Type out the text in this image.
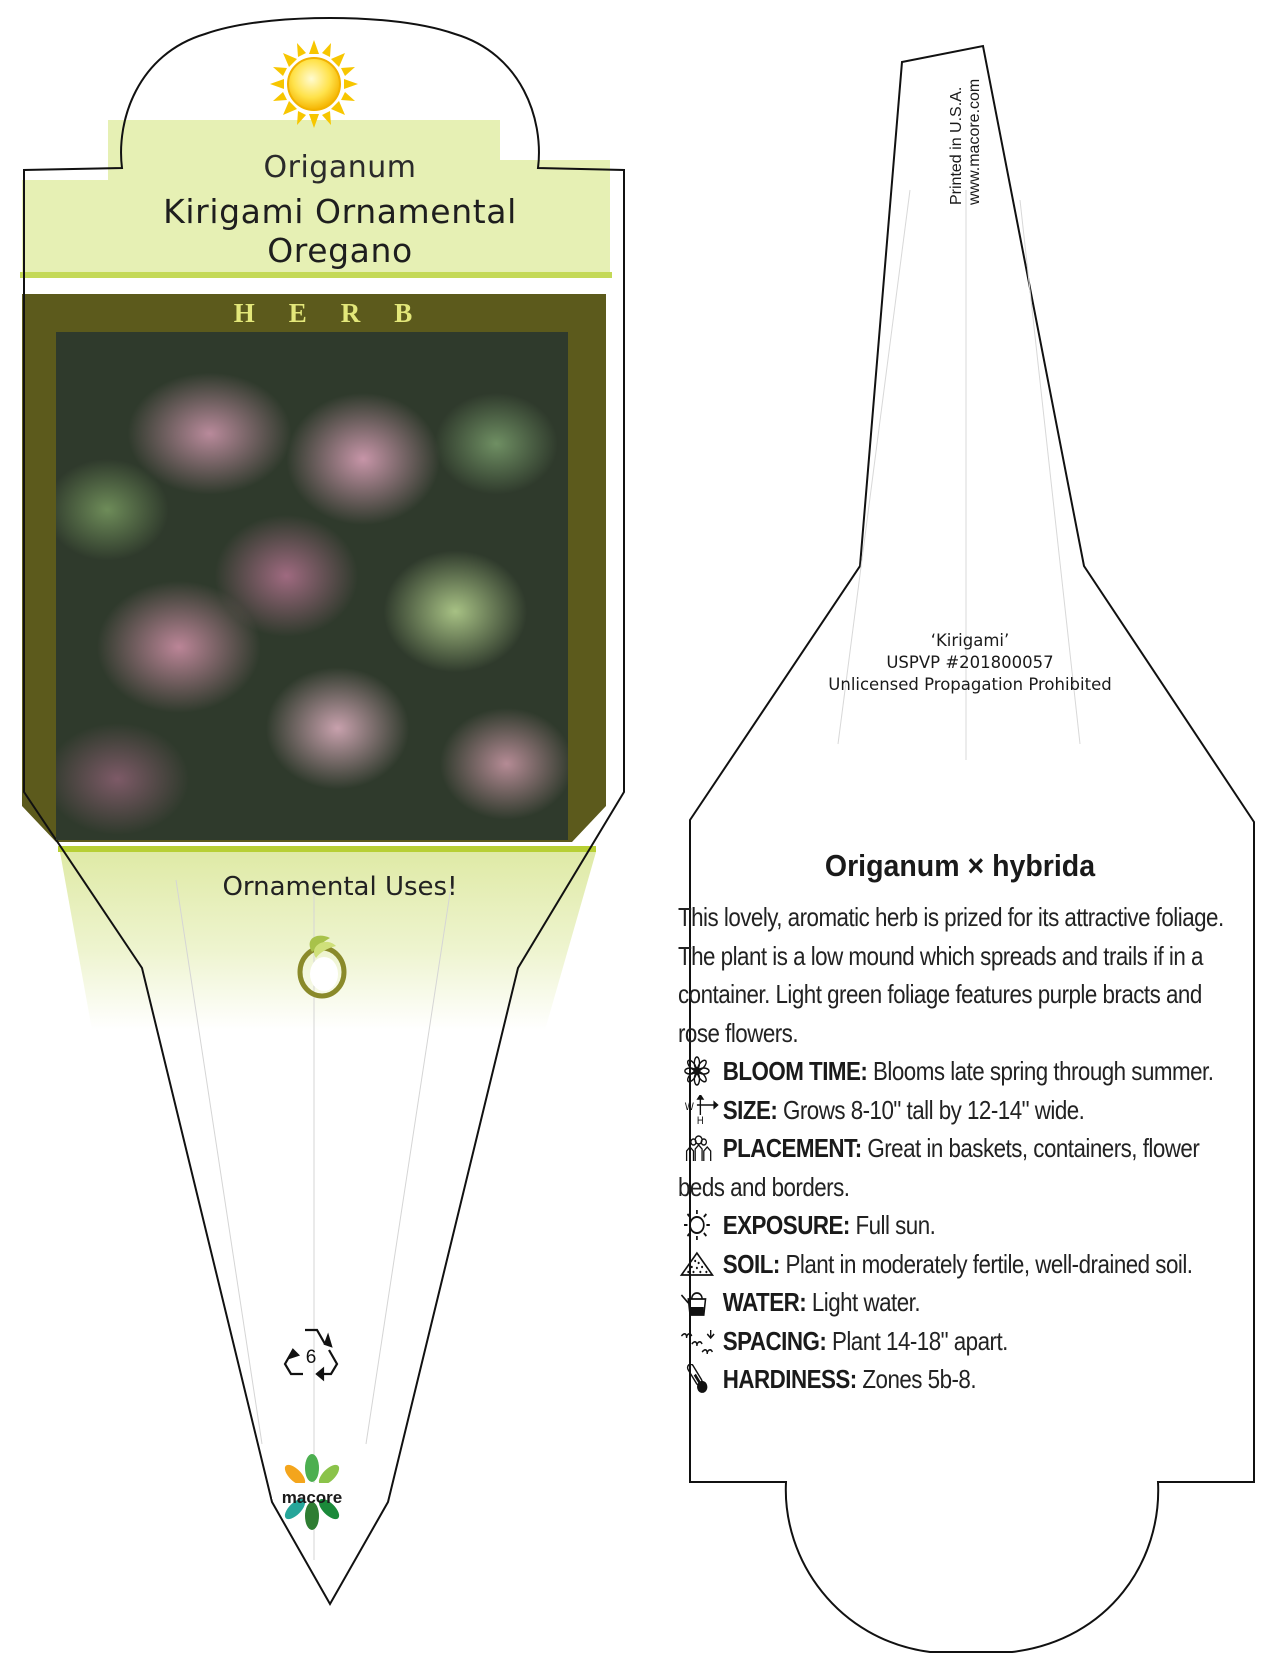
Origanum
Kirigami Ornamental
Oregano
HERB
Ornamental Uses!
6
macore
Printed in U.S.A. www.macore.com
‘Kirigami’
USPVP #201800057
Unlicensed Propagation Prohibited
Origanum × hybrida
This lovely, aromatic herb is prized for its attractive foliage. The plant is a low mound which spreads and trails if in a container. Light green foliage features purple bracts and rose flowers.
BLOOM TIME: Blooms late spring through summer.
W
H SIZE: Grows 8-10" tall by 12-14" wide.
PLACEMENT: Great in baskets, containers, flower beds and borders.
EXPOSURE: Full sun.
SOIL: Plant in moderately fertile, well-drained soil.
WATER: Light water.
SPACING: Plant 14-18" apart.
HARDINESS: Zones 5b-8.
